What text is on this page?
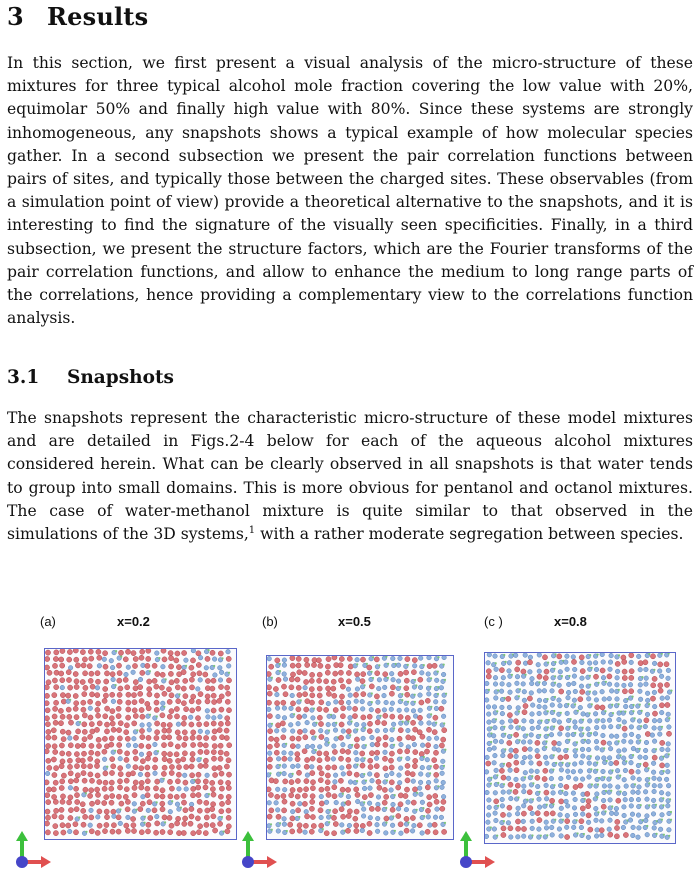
3 Results

In this section, we first present a visual analysis of the micro-structure of these mixtures for three typical alcohol mole fraction covering the low value with 20%, equimolar 50% and finally high value with 80%. Since these systems are strongly inhomogeneous, any snapshots shows a typical example of how molecular species gather. In a second subsection we present the pair correlation functions between pairs of sites, and typically those between the charged sites. These observables (from a simulation point of view) provide a theoretical alternative to the snapshots, and it is interesting to find the signature of the visually seen specificities. Finally, in a third subsection, we present the structure factors, which are the Fourier transforms of the pair correlation functions, and allow to enhance the medium to long range parts of the correlations, hence providing a complementary view to the correlations function analysis.

3.1 Snapshots

The snapshots represent the characteristic micro-structure of these model mixtures and are detailed in Figs.2-4 below for each of the aqueous alcohol mixtures considered herein. What can be clearly observed in all snapshots is that water tends to group into small domains. This is more obvious for pentanol and octanol mixtures. The case of water-methanol mixture is quite similar to that observed in the simulations of the 3D systems,$^1$ with a rather moderate segregation between species.

(a)	x=0.2	(b)	x=0.5	(c )	x=0.8
